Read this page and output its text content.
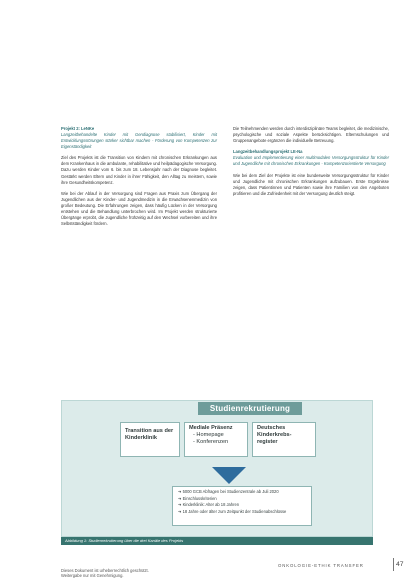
Projekt 2: LeNKe

Langzeitbehandelte Kinder mit Gendiagnose stabilisiert, Kinder mit Entwicklungsstörungen stärker sichtbar machen - Förderung von Kompetenzen zur Eigenständigkeit

Ziel des Projekts ist die Transition von Kindern mit chronischen Erkrankungen aus dem Krankenhaus in die ambulante, rehabilitative und heilpädagogische Versorgung. Dazu werden Kinder vom 6. bis zum 18. Lebensjahr nach der Diagnose begleitet. Gestärkt werden Eltern und Kinder in ihrer Fähigkeit, den Alltag zu meistern, sowie ihre Gesundheitskompetenz.

Wie bei der Ablauf in der Versorgung sind Fragen aus Praxis zum Übergang der Jugendlichen aus der Kinder- und Jugendmedizin in die Erwachsenenmedizin von großer Bedeutung. Die Erfahrungen zeigen, dass häufig Lücken in der Versorgung entstehen und die Behandlung unterbrochen wird. Im Projekt werden strukturierte Übergänge erprobt, die Jugendliche frühzeitig auf den Wechsel vorbereiten und ihre Selbstständigkeit fördern.

Die Teilnehmenden werden durch interdisziplinäre Teams begleitet, die medizinische, psychologische und soziale Aspekte berücksichtigen. Elternschulungen und Gruppenangebote ergänzen die individuelle Betreuung.

Langzeitbehandlungsprojekt LE-Na

Evaluation und Implementierung einer multimodalen Versorgungsstruktur für Kinder und Jugendliche mit chronischen Erkrankungen - Kompetenzorientierte Versorgung

Wie bei dem Ziel der Projekte ist eine bundesweite Versorgungsstruktur für Kinder und Jugendliche mit chronischen Erkrankungen aufzubauen. Erste Ergebnisse zeigen, dass Patientinnen und Patienten sowie ihre Familien von den Angeboten profitieren und die Zufriedenheit mit der Versorgung deutlich steigt.

Studienrekrutierung
Transition aus der Kinderklinik
Mediale Präsenz
- Homepage
- Konferenzen
Deutsches Kinderkrebs-register
➔ 5000 GCB Abfragen bei Studienzentrale ab Juli 2020
➔ Einschlusskriterien
➔ Kinderklinik: Alter ab 18 Jahren
➔ 18 Jahre oder älter zum Zeitpunkt der Studienabschlüsse
Abbildung 1: Studienrekrutierung über die drei Kanäle des Projekts
ONKOLOGIE-ETHIK TRANSFER	47
Dieses Dokument ist urheberrechtlich geschützt.
Weitergabe nur mit Genehmigung.
